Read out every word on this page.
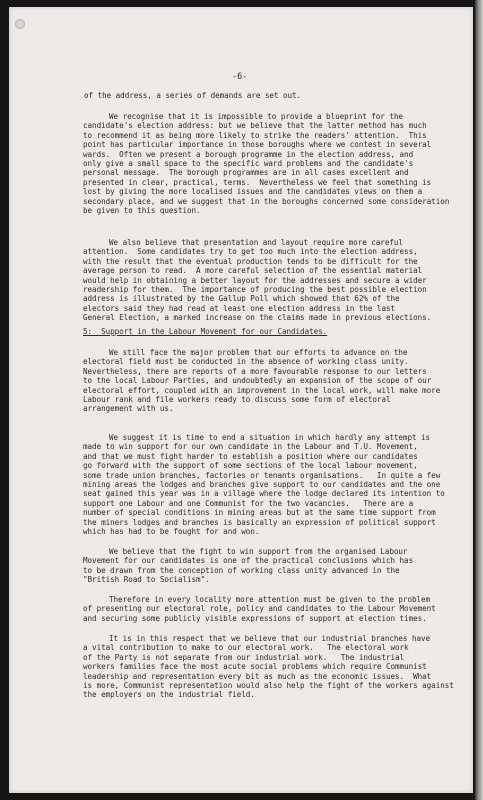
-6-
of the address, a series of demands are set out.
We recognise that it is impossible to provide a blueprint for the
candidate's election address: but we believe that the latter method has much
to recommend it as being more likely to strike the readers' attention.  This
point has particular importance in those boroughs where we contest in several
wards.  Often we present a borough programme in the election address, and
only give a small space to the specific ward problems and the candidate's
personal message.  The borough programmes are in all cases excellent and
presented in clear, practical, terms.  Nevertheless we feel that something is
lost by giving the more localised issues and the candidates views on them a
secondary place, and we suggest that in the boroughs concerned some consideration
be given to this question.
We also believe that presentation and layout require more careful
attention.  Some candidates try to get too much into the election address,
with the result that the eventual production tends to be difficult for the
average person to read.  A more careful selection of the essential material
would help in obtaining a better layout for the addresses and secure a wider
readership for them.  The importance of producing the best possible election
address is illustrated by the Gallup Poll which showed that 62% of the
electors said they had read at least one election address in the last
General Election, a marked increase on the claims made in previous elections.
5:  Support in the Labour Movement for our Candidates.
We still face the major problem that our efforts to advance on the
electoral field must be conducted in the absence of working class unity.
Nevertheless, there are reports of a more favourable response to our letters
to the local Labour Parties, and undoubtedly an expansion of the scope of our
electoral effort, coupled with an improvement in the local work, will make more
Labour rank and file workers ready to discuss some form of electoral
arrangement with us.
We suggest it is time to end a situation in which hardly any attempt is
made to win support for our own candidate in the Labour and T.U. Movement,
and that we must fight harder to establish a position where our candidates
go forward with the support of some sections of the local labour movement,
some trade union branches, factories or tenants organisations.   In quite a few
mining areas the lodges and branches give support to our candidates and the one
seat gained this year was in a village where the lodge declared its intention to
support one Labour and one Communist for the two vacancies.   There are a
number of special conditions in mining areas but at the same time support from
the miners lodges and branches is basically an expression of political support
which has had to be fought for and won.
We believe that the fight to win support from the organised Labour
Movement for our candidates is one of the practical conclusions which has
to be drawn from the conception of working class unity advanced in the
"British Road to Socialism".
Therefore in every locality more attention must be given to the problem
of presenting our electoral role, policy and candidates to the Labour Movement
and securing some publicly visible expressions of support at election times.
It is in this respect that we believe that our industrial branches have
a vital contribution to make to our electoral work.   The electoral work
of the Party is not separate from our industrial work.   The industrial
workers families face the most acute social problems which require Communist
leadership and representation every bit as much as the economic issues.  What
is more, Communist representation would also help the fight of the workers against
the employers on the industrial field.
